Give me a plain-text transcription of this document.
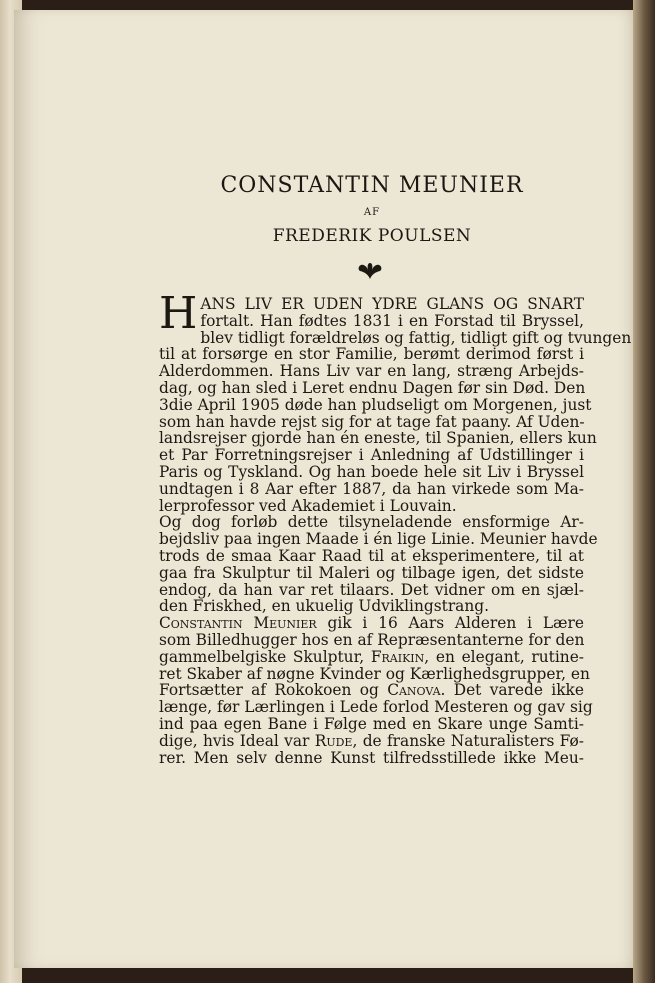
CONSTANTIN MEUNIER
AF
FREDERIK POULSEN
H ANS LIV ER UDEN YDRE GLANS OG SNART
fortalt. Han fødtes 1831 i en Forstad til Bryssel,
blev tidligt forældreløs og fattig, tidligt gift og tvungen
til at forsørge en stor Familie, berømt derimod først i
Alderdommen. Hans Liv var en lang, stræng Arbejds-
dag, og han sled i Leret endnu Dagen før sin Død. Den
3die April 1905 døde han pludseligt om Morgenen, just
som han havde rejst sig for at tage fat paany. Af Uden-
landsrejser gjorde han én eneste, til Spanien, ellers kun
et Par Forretningsrejser i Anledning af Udstillinger i
Paris og Tyskland. Og han boede hele sit Liv i Bryssel
undtagen i 8 Aar efter 1887, da han virkede som Ma-
lerprofessor ved Akademiet i Louvain.
Og dog forløb dette tilsyneladende ensformige Ar-
bejdsliv paa ingen Maade i én lige Linie. Meunier havde
trods de smaa Kaar Raad til at eksperimentere, til at
gaa fra Skulptur til Maleri og tilbage igen, det sidste
endog, da han var ret tilaars. Det vidner om en sjæl-
den Friskhed, en ukuelig Udviklingstrang.
Constantin Meunier gik i 16 Aars Alderen i Lære
som Billedhugger hos en af Repræsentanterne for den
gammelbelgiske Skulptur, Fraikin, en elegant, rutine-
ret Skaber af nøgne Kvinder og Kærlighedsgrupper, en
Fortsætter af Rokokoen og Canova. Det varede ikke
længe, før Lærlingen i Lede forlod Mesteren og gav sig
ind paa egen Bane i Følge med en Skare unge Samti-
dige, hvis Ideal var Rude, de franske Naturalisters Fø-
rer. Men selv denne Kunst tilfredsstillede ikke Meu-
